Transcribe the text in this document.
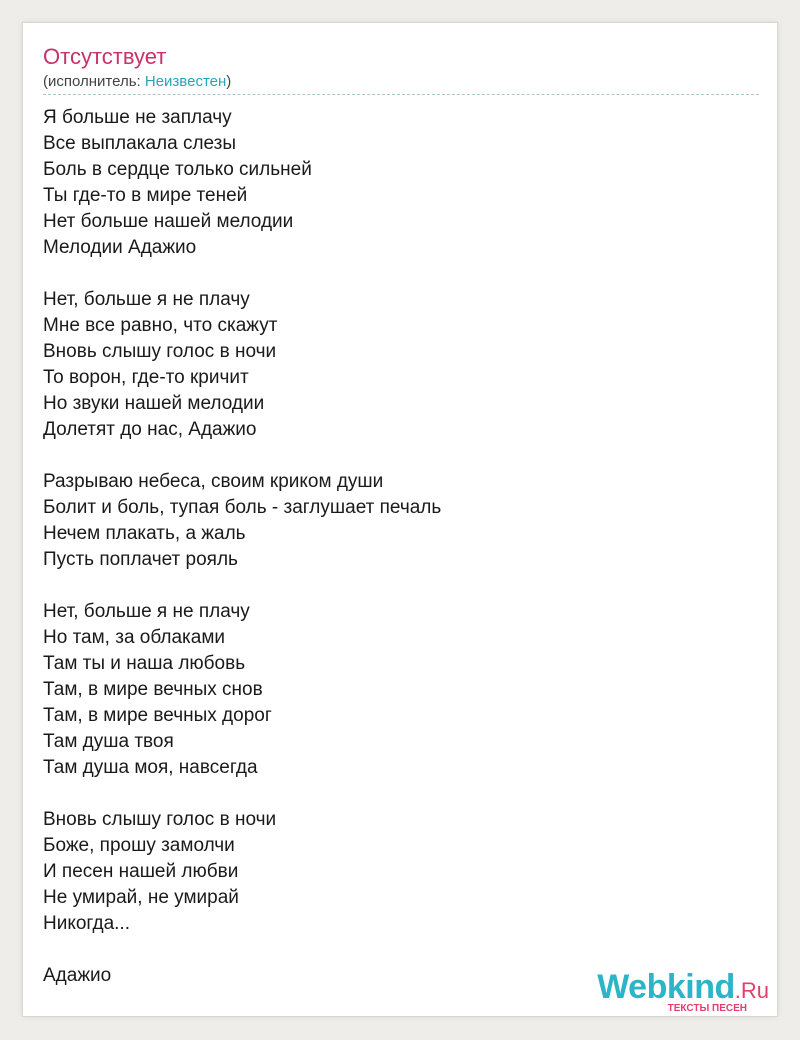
Отсутствует
(исполнитель: Неизвестен)
Я больше не заплачу
Все выплакала слезы
Боль в сердце только сильней
Ты где-то в мире теней
Нет больше нашей мелодии
Мелодии Адажио
Нет, больше я не плачу
Мне все равно, что скажут
Вновь слышу голос в ночи
То ворон, где-то кричит
Но звуки нашей мелодии
Долетят до нас, Адажио
Разрываю небеса, своим криком души
Болит и боль, тупая боль - заглушает печаль
Нечем плакать, а жаль
Пусть поплачет рояль
Нет, больше я не плачу
Но там, за облаками
Там ты и наша любовь
Там, в мире вечных снов
Там, в мире вечных дорог
Там душа твоя
Там душа моя, навсегда
Вновь слышу голос в ночи
Боже, прошу замолчи
И песен нашей любви
Не умирай, не умирай
Никогда...
Адажио	Webkind.Ru
ТЕКСТЫ ПЕСЕН
